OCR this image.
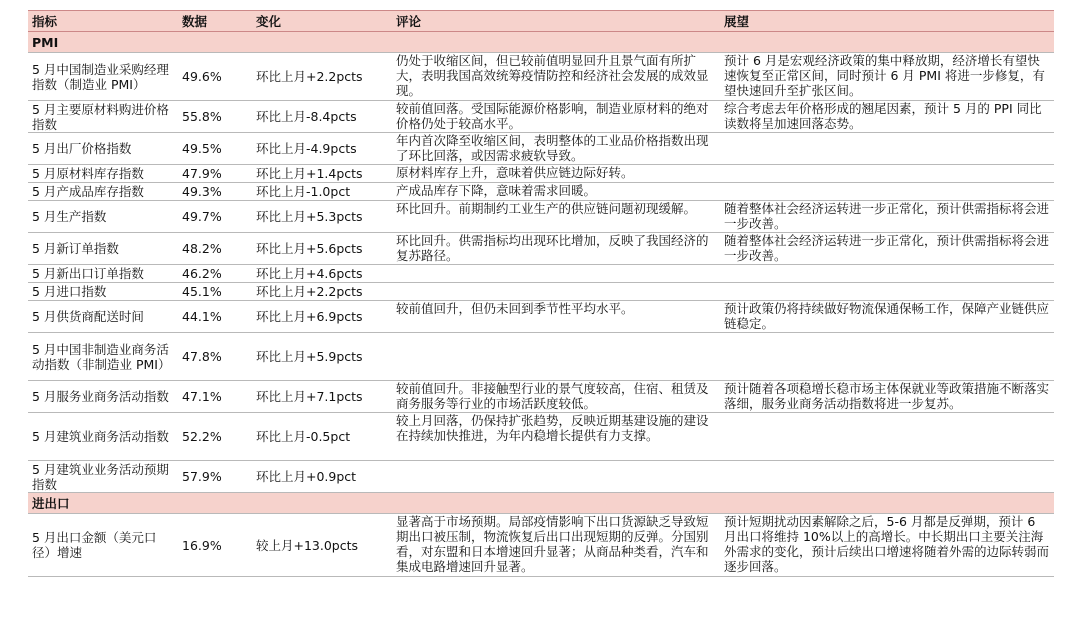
指标	数据	变化	评论	展望
PMI				
5 月中国制造业采购经理指数（制造业 PMI）	49.6%	环比上月+2.2pcts	仍处于收缩区间，但已较前值明显回升且景气面有所扩大，表明我国高效统筹疫情防控和经济社会发展的成效显现。	预计 6 月是宏观经济政策的集中释放期，经济增长有望快速恢复至正常区间，同时预计 6 月 PMI 将进一步修复，有望快速回升至扩张区间。
5 月主要原材料购进价格指数	55.8%	环比上月-8.4pcts	较前值回落。受国际能源价格影响，制造业原材料的绝对价格仍处于较高水平。	综合考虑去年价格形成的翘尾因素，预计 5 月的 PPI 同比读数将呈加速回落态势。
5 月出厂价格指数	49.5%	环比上月-4.9pcts	年内首次降至收缩区间，表明整体的工业品价格指数出现了环比回落，或因需求疲软导致。	
5 月原材料库存指数	47.9%	环比上月+1.4pcts	原材料库存上升，意味着供应链边际好转。	
5 月产成品库存指数	49.3%	环比上月-1.0pct	产成品库存下降，意味着需求回暖。	
5 月生产指数	49.7%	环比上月+5.3pcts	环比回升。前期制约工业生产的供应链问题初现缓解。	随着整体社会经济运转进一步正常化，预计供需指标将会进一步改善。
5 月新订单指数	48.2%	环比上月+5.6pcts	环比回升。供需指标均出现环比增加，反映了我国经济的复苏路径。	随着整体社会经济运转进一步正常化，预计供需指标将会进一步改善。
5 月新出口订单指数	46.2%	环比上月+4.6pcts		
5 月进口指数	45.1%	环比上月+2.2pcts		
5 月供货商配送时间	44.1%	环比上月+6.9pcts	较前值回升，但仍未回到季节性平均水平。	预计政策仍将持续做好物流保通保畅工作，保障产业链供应链稳定。
5 月中国非制造业商务活动指数（非制造业 PMI）	47.8%	环比上月+5.9pcts		
5 月服务业商务活动指数	47.1%	环比上月+7.1pcts	较前值回升。非接触型行业的景气度较高，住宿、租赁及商务服务等行业的市场活跃度较低。	预计随着各项稳增长稳市场主体保就业等政策措施不断落实落细，服务业商务活动指数将进一步复苏。
5 月建筑业商务活动指数	52.2%	环比上月-0.5pct	较上月回落，仍保持扩张趋势，反映近期基建设施的建设在持续加快推进，为年内稳增长提供有力支撑。	
5 月建筑业业务活动预期指数	57.9%	环比上月+0.9pct		
进出口				
5 月出口金额（美元口径）增速	16.9%	较上月+13.0pcts	显著高于市场预期。局部疫情影响下出口货源缺乏导致短期出口被压制，物流恢复后出口出现短期的反弹。分国别看，对东盟和日本增速回升显著；从商品种类看，汽车和集成电路增速回升显著。	预计短期扰动因素解除之后，5-6 月都是反弹期，预计 6 月出口将维持 10%以上的高增长。中长期出口主要关注海外需求的变化，预计后续出口增速将随着外需的边际转弱而逐步回落。
